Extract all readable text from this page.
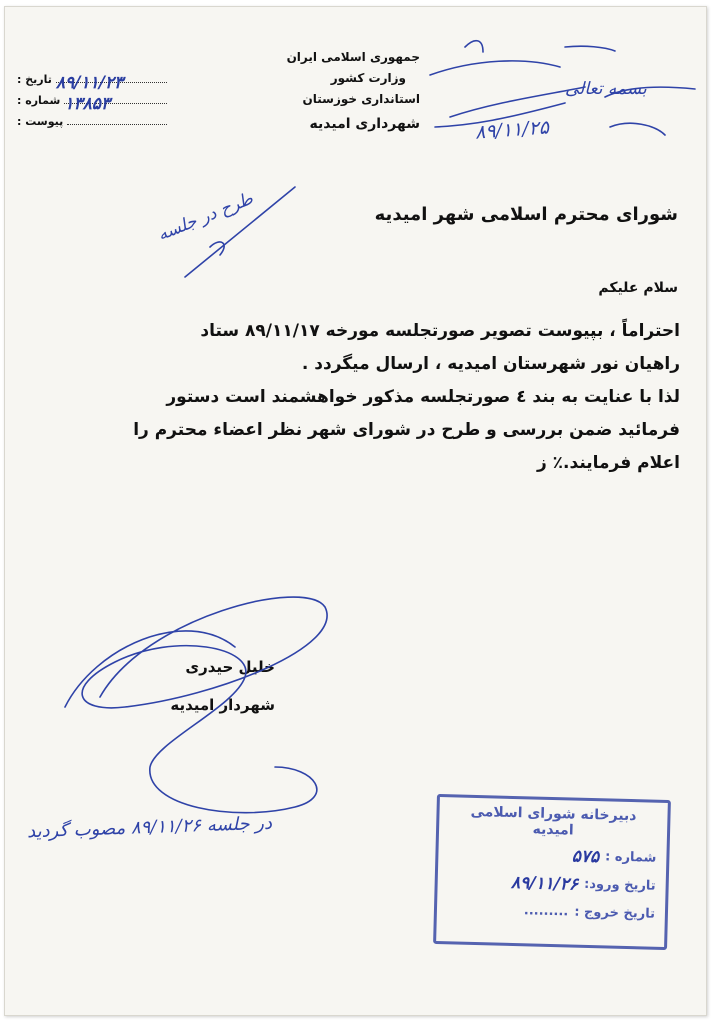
جمهوری اسلامی ایران
وزارت کشور
استانداری خوزستان
شهرداری امیدیه
تاریخ : ۸۹/۱۱/۲۳
شماره : ۱۳۸۵۳
پیوست :
بسمه تعالی
۸۹/۱۱/۲۵
طرح در جلسه
در جلسه ۸۹/۱۱/۲۶ مصوب گردید
شورای محترم اسلامی شهر امیدیه
سلام علیکم

احتراماً ، بپیوست تصویر صورتجلسه مورخه ۸۹/۱۱/۱۷ ستاد

راهیان نور شهرستان امیدیه ، ارسال میگردد .

لذا با عنایت به بند ٤ صورتجلسه مذکور خواهشمند است دستور

فرمائید ضمن بررسی و طرح در شورای شهر نظر اعضاء محترم را

اعلام فرمایند.٪ ز

خلیل حیدری
شهردار امیدیه
دبیرخانه شورای اسلامی امیدیه
شماره :
۵۷۵
تاریخ ورود:
۸۹/۱۱/۲۶
تاریخ خروج :
.........
